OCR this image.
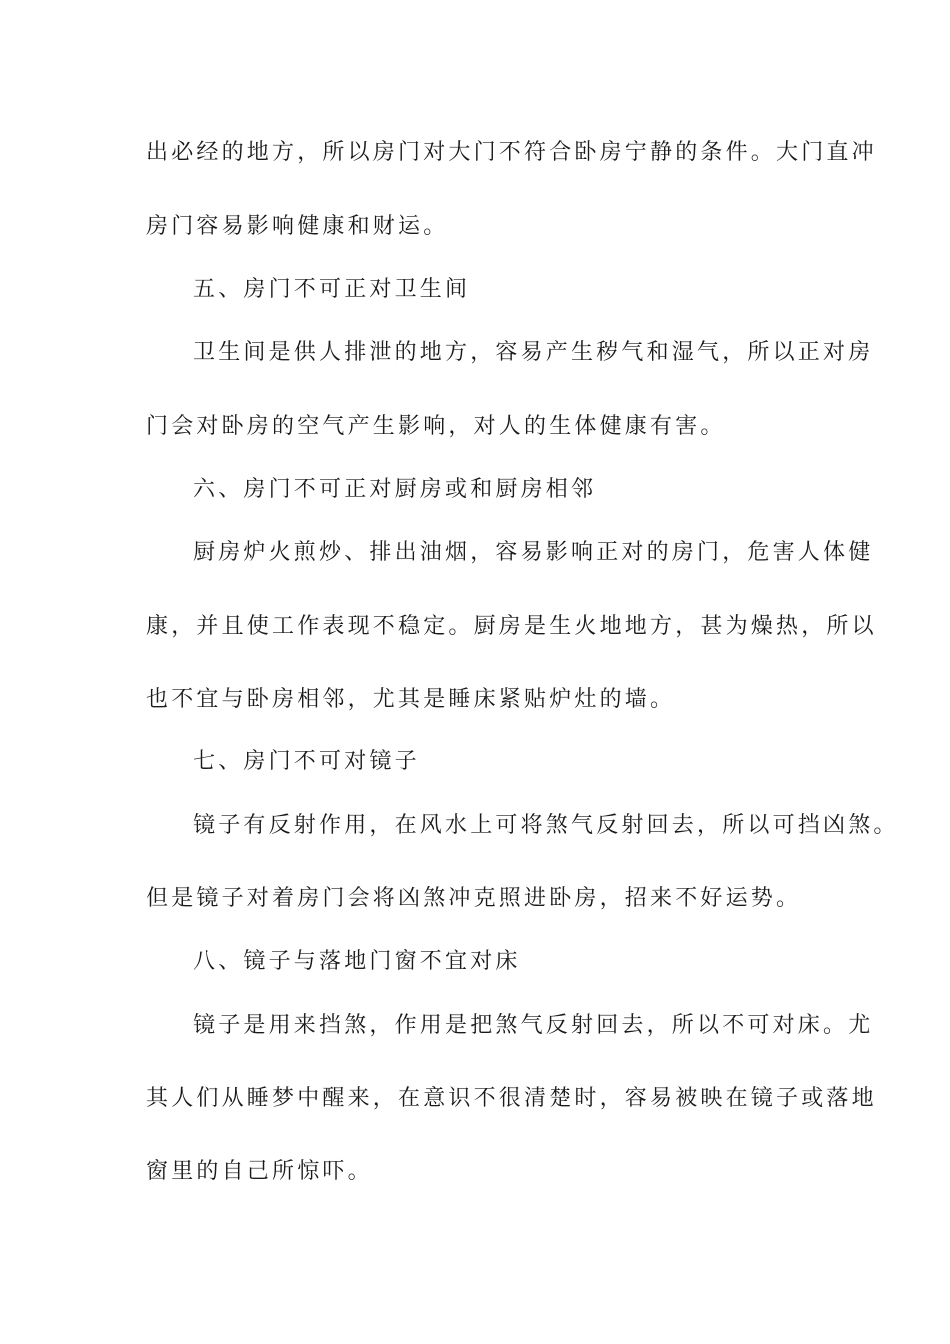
出必经的地方，所以房门对大门不符合卧房宁静的条件。大门直冲

房门容易影响健康和财运。

五、房门不可正对卫生间

卫生间是供人排泄的地方，容易产生秽气和湿气，所以正对房

门会对卧房的空气产生影响，对人的生体健康有害。

六、房门不可正对厨房或和厨房相邻

厨房炉火煎炒、排出油烟，容易影响正对的房门，危害人体健

康，并且使工作表现不稳定。厨房是生火地地方，甚为燥热，所以

也不宜与卧房相邻，尤其是睡床紧贴炉灶的墙。

七、房门不可对镜子

镜子有反射作用，在风水上可将煞气反射回去，所以可挡凶煞。

但是镜子对着房门会将凶煞冲克照进卧房，招来不好运势。

八、镜子与落地门窗不宜对床

镜子是用来挡煞，作用是把煞气反射回去，所以不可对床。尤

其人们从睡梦中醒来，在意识不很清楚时，容易被映在镜子或落地

窗里的自己所惊吓。
